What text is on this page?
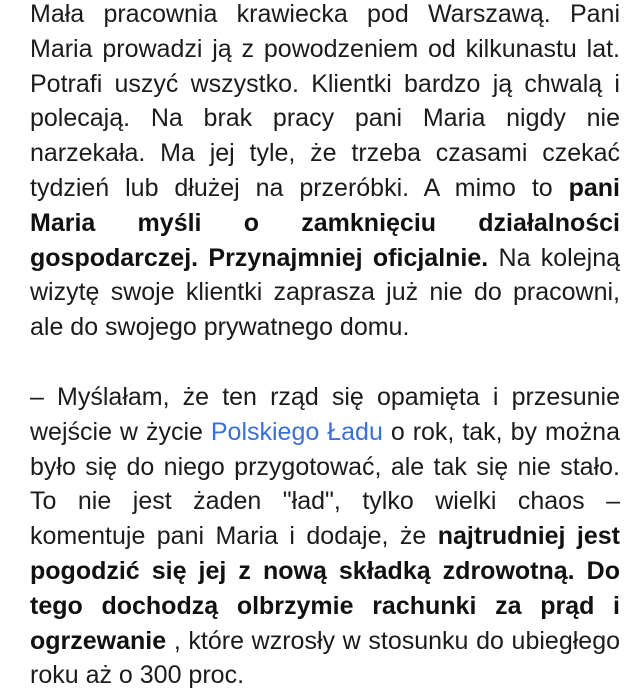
Mała pracownia krawiecka pod Warszawą. Pani Maria prowadzi ją z powodzeniem od kilkunastu lat. Potrafi uszyć wszystko. Klientki bardzo ją chwalą i polecają. Na brak pracy pani Maria nigdy nie narzekała. Ma jej tyle, że trzeba czasami czekać tydzień lub dłużej na przeróbki. A mimo to pani Maria myśli o zamknięciu działalności gospodarczej. Przynajmniej oficjalnie. Na kolejną wizytę swoje klientki zaprasza już nie do pracowni, ale do swojego prywatnego domu.

– Myślałam, że ten rząd się opamięta i przesunie wejście w życie Polskiego Ładu o rok, tak, by można było się do niego przygotować, ale tak się nie stało. To nie jest żaden "ład", tylko wielki chaos – komentuje pani Maria i dodaje, że najtrudniej jest pogodzić się jej z nową składką zdrowotną. Do tego dochodzą olbrzymie rachunki za prąd i ogrzewanie , które wzrosły w stosunku do ubiegłego roku aż o 300 proc.
